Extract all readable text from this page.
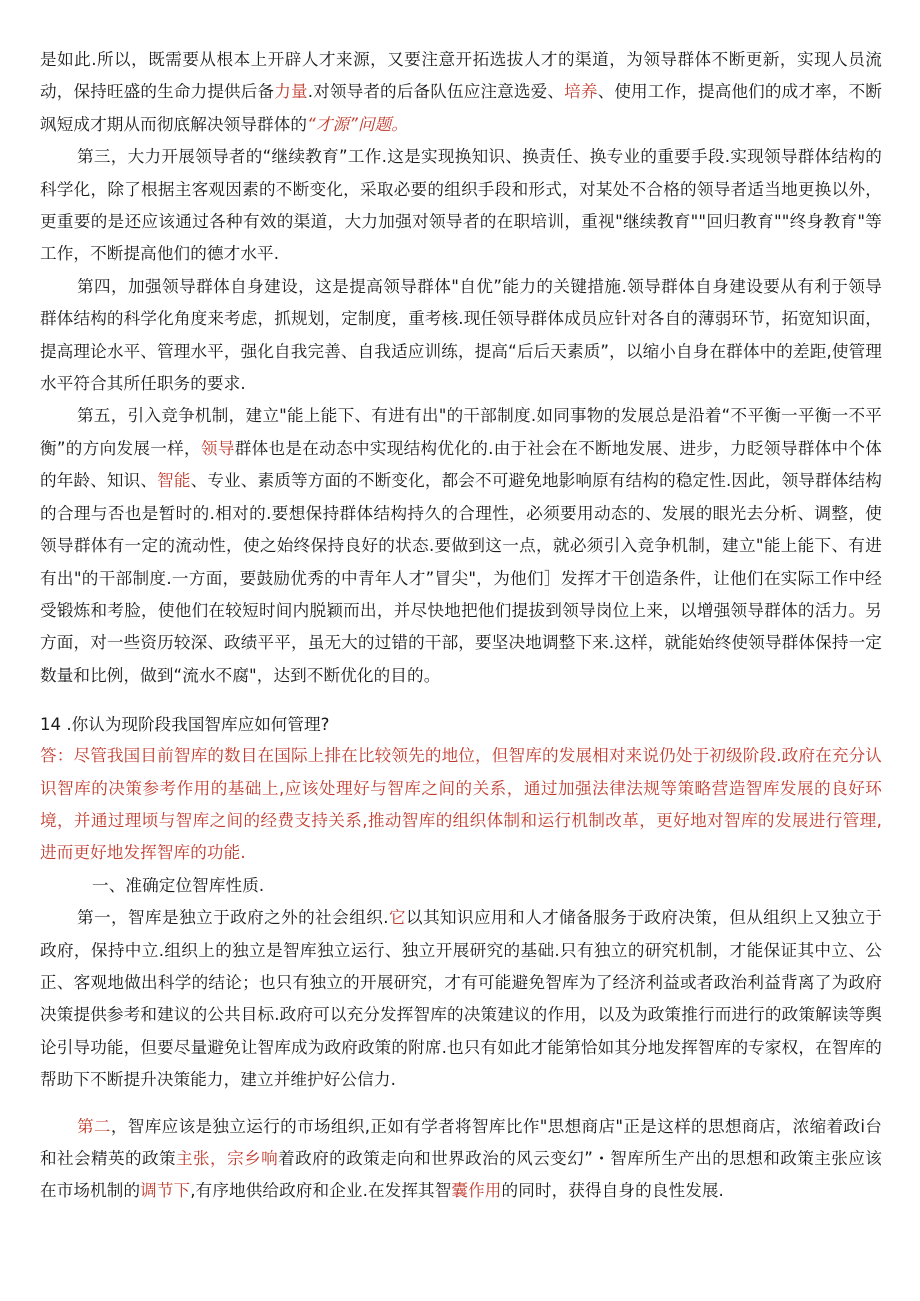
是如此.所以，既需要从根本上开辟人才来源，又要注意开拓选拔人才的渠道，为领导群体不断更新，实现人员流动，保持旺盛的生命力提供后备力量.对领导者的后备队伍应注意选爱、培养、使用工作，提高他们的成才率，不断飒短成才期从而彻底解决领导群体的“才源”问题。

第三，大力开展领导者的“继续教育”工作.这是实现换知识、换责任、换专业的重要手段.实现领导群体结构的科学化，除了根据主客观因素的不断变化，采取必要的组织手段和形式，对某处不合格的领导者适当地更换以外，更重要的是还应该通过各种有效的渠道，大力加强对领导者的在职培训，重视"继续教育""回归教育""终身教育"等工作，不断提高他们的德才水平.

第四，加强领导群体自身建设，这是提高领导群体"自优”能力的关键措施.领导群体自身建设要从有利于领导群体结构的科学化角度来考虑，抓规划，定制度，重考核.现任领导群体成员应针对各自的薄弱环节，拓宽知识面，提高理论水平、管理水平，强化自我完善、自我适应训练，提高“后后天素质”，以缩小自身在群体中的差距,使管理水平符合其所任职务的要求.

第五，引入竞争机制，建立"能上能下、有进有出"的干部制度.如同事物的发展总是沿着“不平衡一平衡一不平衡”的方向发展一样，领导群体也是在动态中实现结构优化的.由于社会在不断地发展、进步，力眨领导群体中个体的年龄、知识、智能、专业、素质等方面的不断变化，都会不可避免地影响原有结构的稳定性.因此，领导群体结构的合理与否也是暂时的.相对的.要想保持群体结构持久的合理性，必须要用动态的、发展的眼光去分析、调整，使领导群体有一定的流动性，使之始终保持良好的状态.要做到这一点，就必须引入竞争机制，建立"能上能下、有进有出"的干部制度.一方面，要鼓励优秀的中青年人才”冒尖"，为他们］发挥才干创造条件，让他们在实际工作中经受锻炼和考脸，使他们在较短时间内脱颖而出，并尽快地把他们提拔到领导岗位上来，以增强领导群体的活力。另方面，对一些资历较深、政绩平平，虽无大的过错的干部，要坚决地调整下来.这样，就能始终使领导群体保持一定数量和比例，做到“流水不腐"，达到不断优化的目的。

14 .你认为现阶段我国智库应如何管理?

答：尽管我国目前智库的数目在国际上排在比较领先的地位，但智库的发展相对来说仍处于初级阶段.政府在充分认识智库的决策参考作用的基础上,应该处理好与智库之间的关系，通过加强法律法规等策略营造智库发展的良好环境，并通过理顷与智库之间的经费支持关系,推动智库的组织体制和运行机制改革，更好地对智库的发展进行管理,进而更好地发挥智库的功能.

一、准确定位智库性质.

第一，智库是独立于政府之外的社会组织.它以其知识应用和人才储备服务于政府决策，但从组织上又独立于政府，保持中立.组织上的独立是智库独立运行、独立开展研究的基础.只有独立的研究机制，才能保证其中立、公正、客观地做出科学的结论；也只有独立的开展研究，才有可能避免智库为了经济利益或者政治利益背离了为政府决策提供参考和建议的公共目标.政府可以充分发挥智库的决策建议的作用，以及为政策推行而进行的政策解读等舆论引导功能，但要尽量避免让智库成为政府政策的附席.也只有如此才能第恰如其分地发挥智库的专家权，在智库的帮助下不断提升决策能力，建立并维护好公信力.

第二，智库应该是独立运行的市场组织,正如有学者将智库比作"思想商店"正是这样的思想商店，浓缩着政i台和社会精英的政策主张，宗乡响着政府的政策走向和世界政治的风云变幻”・智库所生产出的思想和政策主张应该在市场机制的调节下,有序地供给政府和企业.在发挥其智囊作用的同时，获得自身的良性发展.
